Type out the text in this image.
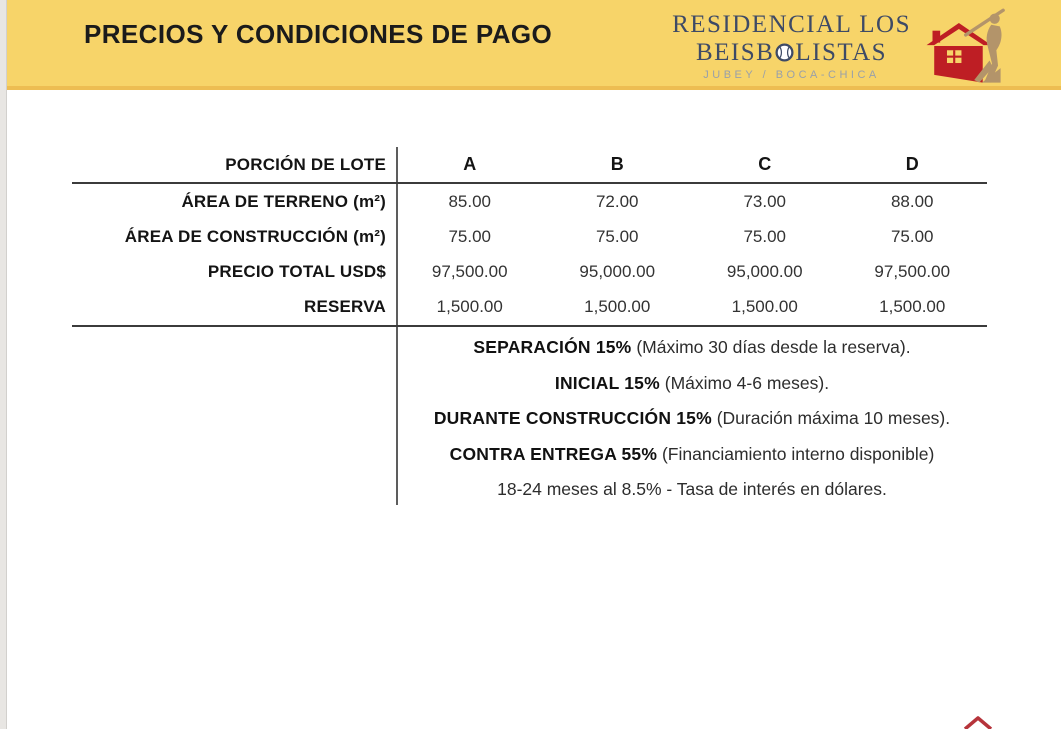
PRECIOS Y CONDICIONES DE PAGO	RESIDENCIAL LOS
BEISB LISTAS
JUBEY / BOCA-CHICA
PORCIÓN DE LOTE	A	B	C	D
ÁREA DE TERRENO (m²)	85.00	72.00	73.00	88.00
ÁREA DE CONSTRUCCIÓN (m²)	75.00	75.00	75.00	75.00
PRECIO TOTAL USD$	97,500.00	95,000.00	95,000.00	97,500.00
RESERVA	1,500.00	1,500.00	1,500.00	1,500.00
SEPARACIÓN 15% (Máximo 30 días desde la reserva).
INICIAL 15% (Máximo 4-6 meses).
DURANTE CONSTRUCCIÓN 15% (Duración máxima 10 meses).
CONTRA ENTREGA 55% (Financiamiento interno disponible)
18-24 meses al 8.5% - Tasa de interés en dólares.
